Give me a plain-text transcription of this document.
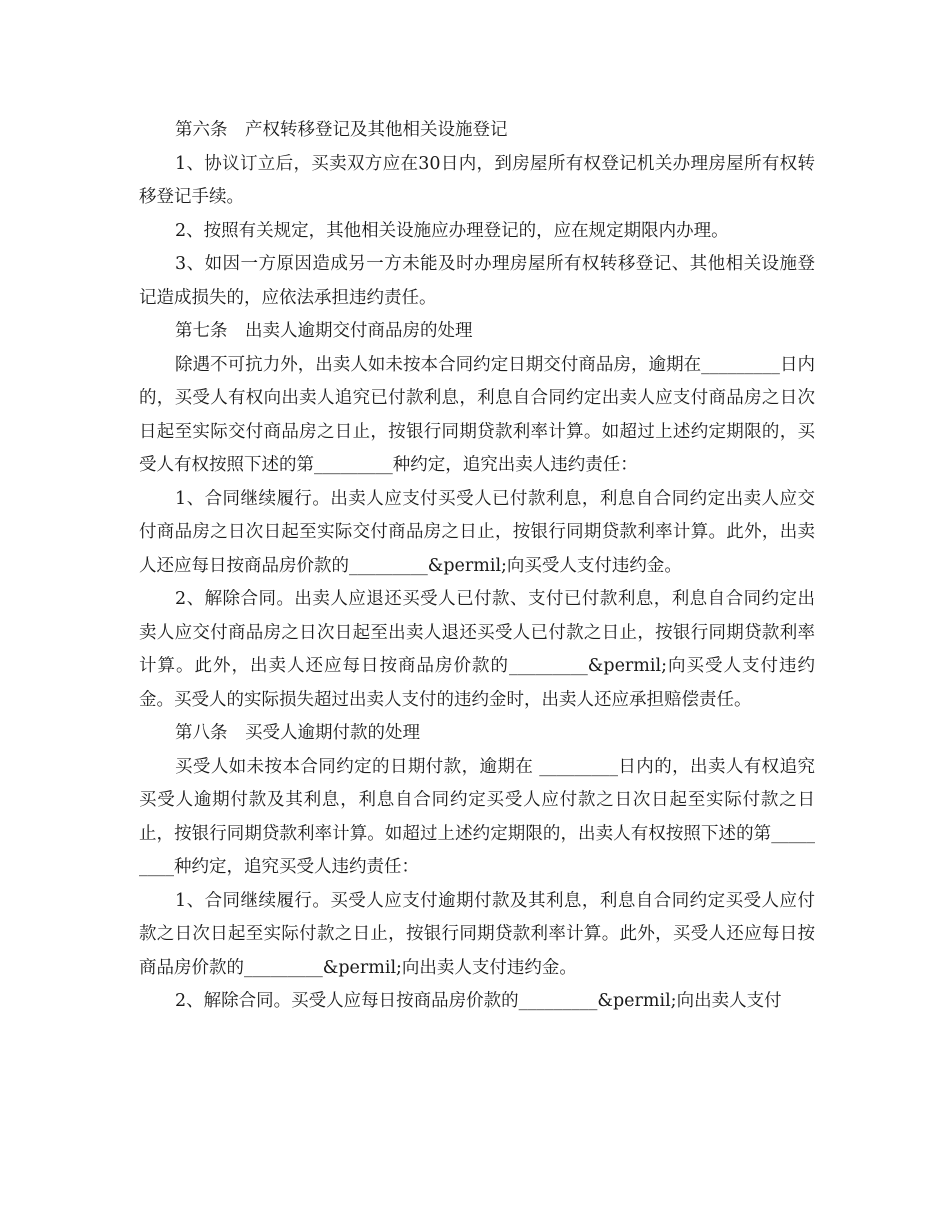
第六条　产权转移登记及其他相关设施登记

1、协议订立后，买卖双方应在30日内，到房屋所有权登记机关办理房屋所有权转移登记手续。

2、按照有关规定，其他相关设施应办理登记的，应在规定期限内办理。

3、如因一方原因造成另一方未能及时办理房屋所有权转移登记、其他相关设施登记造成损失的，应依法承担违约责任。

第七条　出卖人逾期交付商品房的处理

除遇不可抗力外，出卖人如未按本合同约定日期交付商品房，逾期在_________日内的，买受人有权向出卖人追究已付款利息，利息自合同约定出卖人应支付商品房之日次日起至实际交付商品房之日止，按银行同期贷款利率计算。如超过上述约定期限的，买受人有权按照下述的第_________种约定，追究出卖人违约责任：

1、合同继续履行。出卖人应支付买受人已付款利息，利息自合同约定出卖人应交付商品房之日次日起至实际交付商品房之日止，按银行同期贷款利率计算。此外，出卖人还应每日按商品房价款的_________&permil;向买受人支付违约金。

2、解除合同。出卖人应退还买受人已付款、支付已付款利息，利息自合同约定出卖人应交付商品房之日次日起至出卖人退还买受人已付款之日止，按银行同期贷款利率计算。此外，出卖人还应每日按商品房价款的_________&permil;向买受人支付违约金。买受人的实际损失超过出卖人支付的违约金时，出卖人还应承担赔偿责任。

第八条　买受人逾期付款的处理

买受人如未按本合同约定的日期付款，逾期在 _________日内的，出卖人有权追究买受人逾期付款及其利息，利息自合同约定买受人应付款之日次日起至实际付款之日止，按银行同期贷款利率计算。如超过上述约定期限的，出卖人有权按照下述的第_________种约定，追究买受人违约责任：

1、合同继续履行。买受人应支付逾期付款及其利息，利息自合同约定买受人应付款之日次日起至实际付款之日止，按银行同期贷款利率计算。此外，买受人还应每日按商品房价款的_________&permil;向出卖人支付违约金。

2、解除合同。买受人应每日按商品房价款的_________&permil;向出卖人支付
